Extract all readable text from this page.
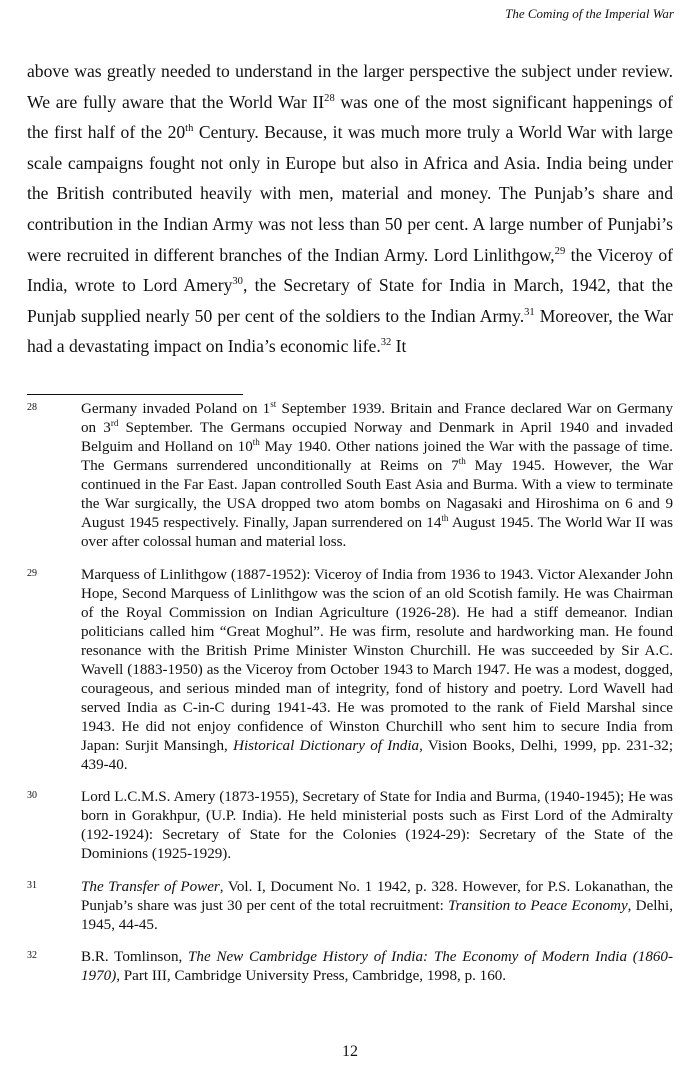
The Coming of the Imperial War

above was greatly needed to understand in the larger perspective the subject under review. We are fully aware that the World War II$^{28}$ was one of the most significant happenings of the first half of the 20th Century. Because, it was much more truly a World War with large scale campaigns fought not only in Europe but also in Africa and Asia. India being under the British contributed heavily with men, material and money. The Punjab’s share and contribution in the Indian Army was not less than 50 per cent. A large number of Punjabi’s were recruited in different branches of the Indian Army. Lord Linlithgow,$^{29}$ the Viceroy of India, wrote to Lord Amery$^{30}$, the Secretary of State for India in March, 1942, that the Punjab supplied nearly 50 per cent of the soldiers to the Indian Army.$^{31}$ Moreover, the War had a devastating impact on India’s economic life.$^{32}$ It

28	Germany invaded Poland on 1st September 1939. Britain and France declared War on Germany on 3rd September. The Germans occupied Norway and Denmark in April 1940 and invaded Belguim and Holland on 10th May 1940. Other nations joined the War with the passage of time. The Germans surrendered unconditionally at Reims on 7th May 1945. However, the War continued in the Far East. Japan controlled South East Asia and Burma. With a view to terminate the War surgically, the USA dropped two atom bombs on Nagasaki and Hiroshima on 6 and 9 August 1945 respectively. Finally, Japan surrendered on 14th August 1945. The World War II was over after colossal human and material loss.

29	Marquess of Linlithgow (1887-1952): Viceroy of India from 1936 to 1943. Victor Alexander John Hope, Second Marquess of Linlithgow was the scion of an old Scotish family. He was Chairman of the Royal Commission on Indian Agriculture (1926-28). He had a stiff demeanor. Indian politicians called him “Great Moghul”. He was firm, resolute and hardworking man. He found resonance with the British Prime Minister Winston Churchill. He was succeeded by Sir A.C. Wavell (1883-1950) as the Viceroy from October 1943 to March 1947. He was a modest, dogged, courageous, and serious minded man of integrity, fond of history and poetry. Lord Wavell had served India as C-in-C during 1941-43. He was promoted to the rank of Field Marshal since 1943. He did not enjoy confidence of Winston Churchill who sent him to secure India from Japan: Surjit Mansingh, Historical Dictionary of India, Vision Books, Delhi, 1999, pp. 231-32; 439-40.

30	Lord L.C.M.S. Amery (1873-1955), Secretary of State for India and Burma, (1940-1945); He was born in Gorakhpur, (U.P. India). He held ministerial posts such as First Lord of the Admiralty (192-1924): Secretary of State for the Colonies (1924-29): Secretary of the State of the Dominions (1925-1929).

31	The Transfer of Power, Vol. I, Document No. 1 1942, p. 328. However, for P.S. Lokanathan, the Punjab’s share was just 30 per cent of the total recruitment: Transition to Peace Economy, Delhi, 1945, 44-45.

32	B.R. Tomlinson, The New Cambridge History of India: The Economy of Modern India (1860-1970), Part III, Cambridge University Press, Cambridge, 1998, p. 160.

12
